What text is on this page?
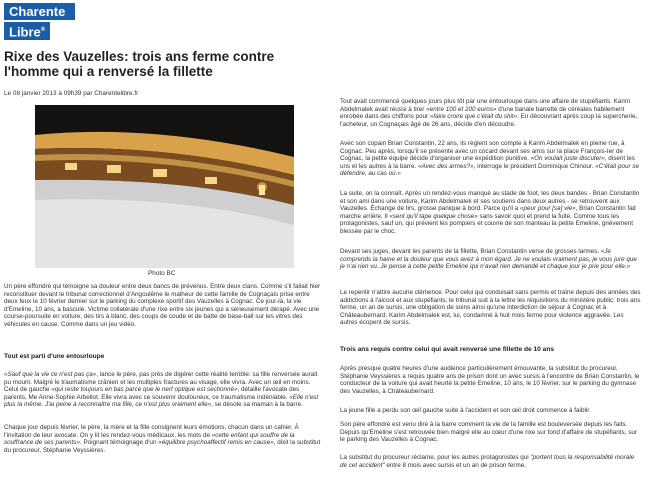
Charente
Libre®
Rixe des Vauzelles: trois ans ferme contre l'homme qui a renversé la fillette
Le 08 janvier 2013 à 09h39 par Charentelibre.fr
Photo BC

Un père effondré qui témoigne sa douleur entre deux bancs de prévenus. Entre deux clans. Comme s'il fallait hier reconstituer devant le tribunal correctionnel d'Angoulême le malheur de cette famille de Cognaçais prise entre deux feux le 10 février dernier sur le parking du complexe sportif des Vauzelles à Cognac. Ce jour-là, la vie d'Emeline, 10 ans, a basculé. Victime collatérale d'une rixe entre six jeunes qui a sérieusement dérapé. Avec une course-poursuite en voiture, des tirs à blanc, des coups de coude et de batte de base-ball sur les vitres des véhicules en cause. Comme dans un jeu vidéo.

Tout est parti d'une entourloupe

«Sauf que la vie ce n'est pas ça», lance le père, pas près de digérer cette réalité terrible: sa fille renversée aurait pu mourir. Malgré le traumatisme crânien et les multiples fractures au visage, elle vivra. Avec un œil en moins. Celui de gauche «qui reste toujours en bas parce que le nerf optique est sectionné», détaille l'avocate des parents, Me Anne-Sophie Arbellot. Elle vivra avec ce souvenir douloureux, ce traumatisme indéniable. «Elle n'est plus la même. J'ai peine à reconnaître ma fille, ce n'est plus vraiment elle», se désole sa maman à la barre.

Chaque jour depuis février, le père, la mère et la fille consignent leurs émotions, chacun dans un cahier. À l'invitation de leur avocate. On y lit les rendez-vous médicaux, les mots de «cette enfant qui souffre de la souffrance de ses parents». Poignant témoignage d'un «équilibre psychoaffectif remis en cause», dixit la substitut du procureur, Stéphanie Veyssières.

Tout avait commencé quelques jours plus tôt par une entourloupe dans une affaire de stupéfiants. Karim Abdelmalek avait réussi à tirer «entre 100 et 200 euros» d'une banale barrette de céréales habilement enrobée dans des chiffons pour «faire croire que c'était du shit». En découvrant après coup la supercherie, l'acheteur, un Cognaçais âgé de 26 ans, décide d'en découdre.

Avec son copain Brian Constantin, 22 ans, ils règlent son compte à Karim Abdelmalek en pleine rue, à Cognac. Peu après, lorsqu'il se présente avec un cocard devant ses amis sur la place François-Ier de Cognac, la petite équipe décide d'organiser une expédition punitive. «On voulait juste discuter», disent les uns et les autres à la barre. «Avec des armes?», interroge le président Dominique Chinour. «C'était pour se défendre, au cas où.»

La suite, on la connaît. Après un rendez-vous manqué au stade de foot, les deux bandes - Brian Constantin et son ami dans une voiture, Karim Abdelmalek et ses soutiens dans deux autres - se retrouvent aux Vauzelles. Échange de tirs, grosse panique à bord. Parce qu'il a «peur pour [sa] vie», Brian Constantin fait marche arrière. Il «sent qu'il tape quelque chose» sans savoir quoi et prend la fuite. Comme tous les protagonistes, sauf un, qui prévient les pompiers et couvre de son manteau la petite Emeline, grièvement blessée par le choc.

Devant ses juges, devant les parents de la fillette, Brian Constantin verse de grosses larmes. «Je comprends la haine et la douleur que vous avez à mon égard. Je ne voulais vraiment pas, je vous jure que je n'ai rien vu. Je pense à cette petite Emeline qui n'avait rien demandé et chaque jour je prie pour elle.»

Le repentir n'attire aucune clémence. Pour celui qui conduisait sans permis et traîne depuis des années des addictions à l'alcool et aux stupéfiants, le tribunal suit à la lettre les réquisitions du ministère public: trois ans ferme, un an de sursis, une obligation de soins ainsi qu'une interdiction de séjour à Cognac et à Châteaubernard. Karim Abdelmalek est, lui, condamné à huit mois ferme pour violence aggravée. Les autres écopent de sursis.

Trois ans requis contre celui qui avait renversé une fillette de 10 ans

Après presque quatre heures d'une audience particulièrement émouvante, la substitut du procureur, Stéphanie Veyssières a requis quatre ans de prison dont un avec sursis à l'encontre de Brian Constantin, le conducteur de la voiture qui avait heurté la petite Emeline, 10 ans, le 10 février, sur le parking du gymnase des Vauzelles, à Châteaubernard.

La jeune fille a perdu son œil gauche suite à l'accident et son œil droit commence à faiblir.

Son père effondré est venu dire à la barre comment la vie de la famille est bouleversée depuis les faits. Depuis qu'Emeline s'est retrouvée bien malgré elle au cœur d'une rixe sur fond d'affaire de stupéfiants, sur le parking des Vauzelles à Cognac.

La substitut du procureur réclame, pour les autres protagonistes qui "portent tous la responsabilité morale de cet accident" entre 8 mois avec sursis et un an de prison ferme.
